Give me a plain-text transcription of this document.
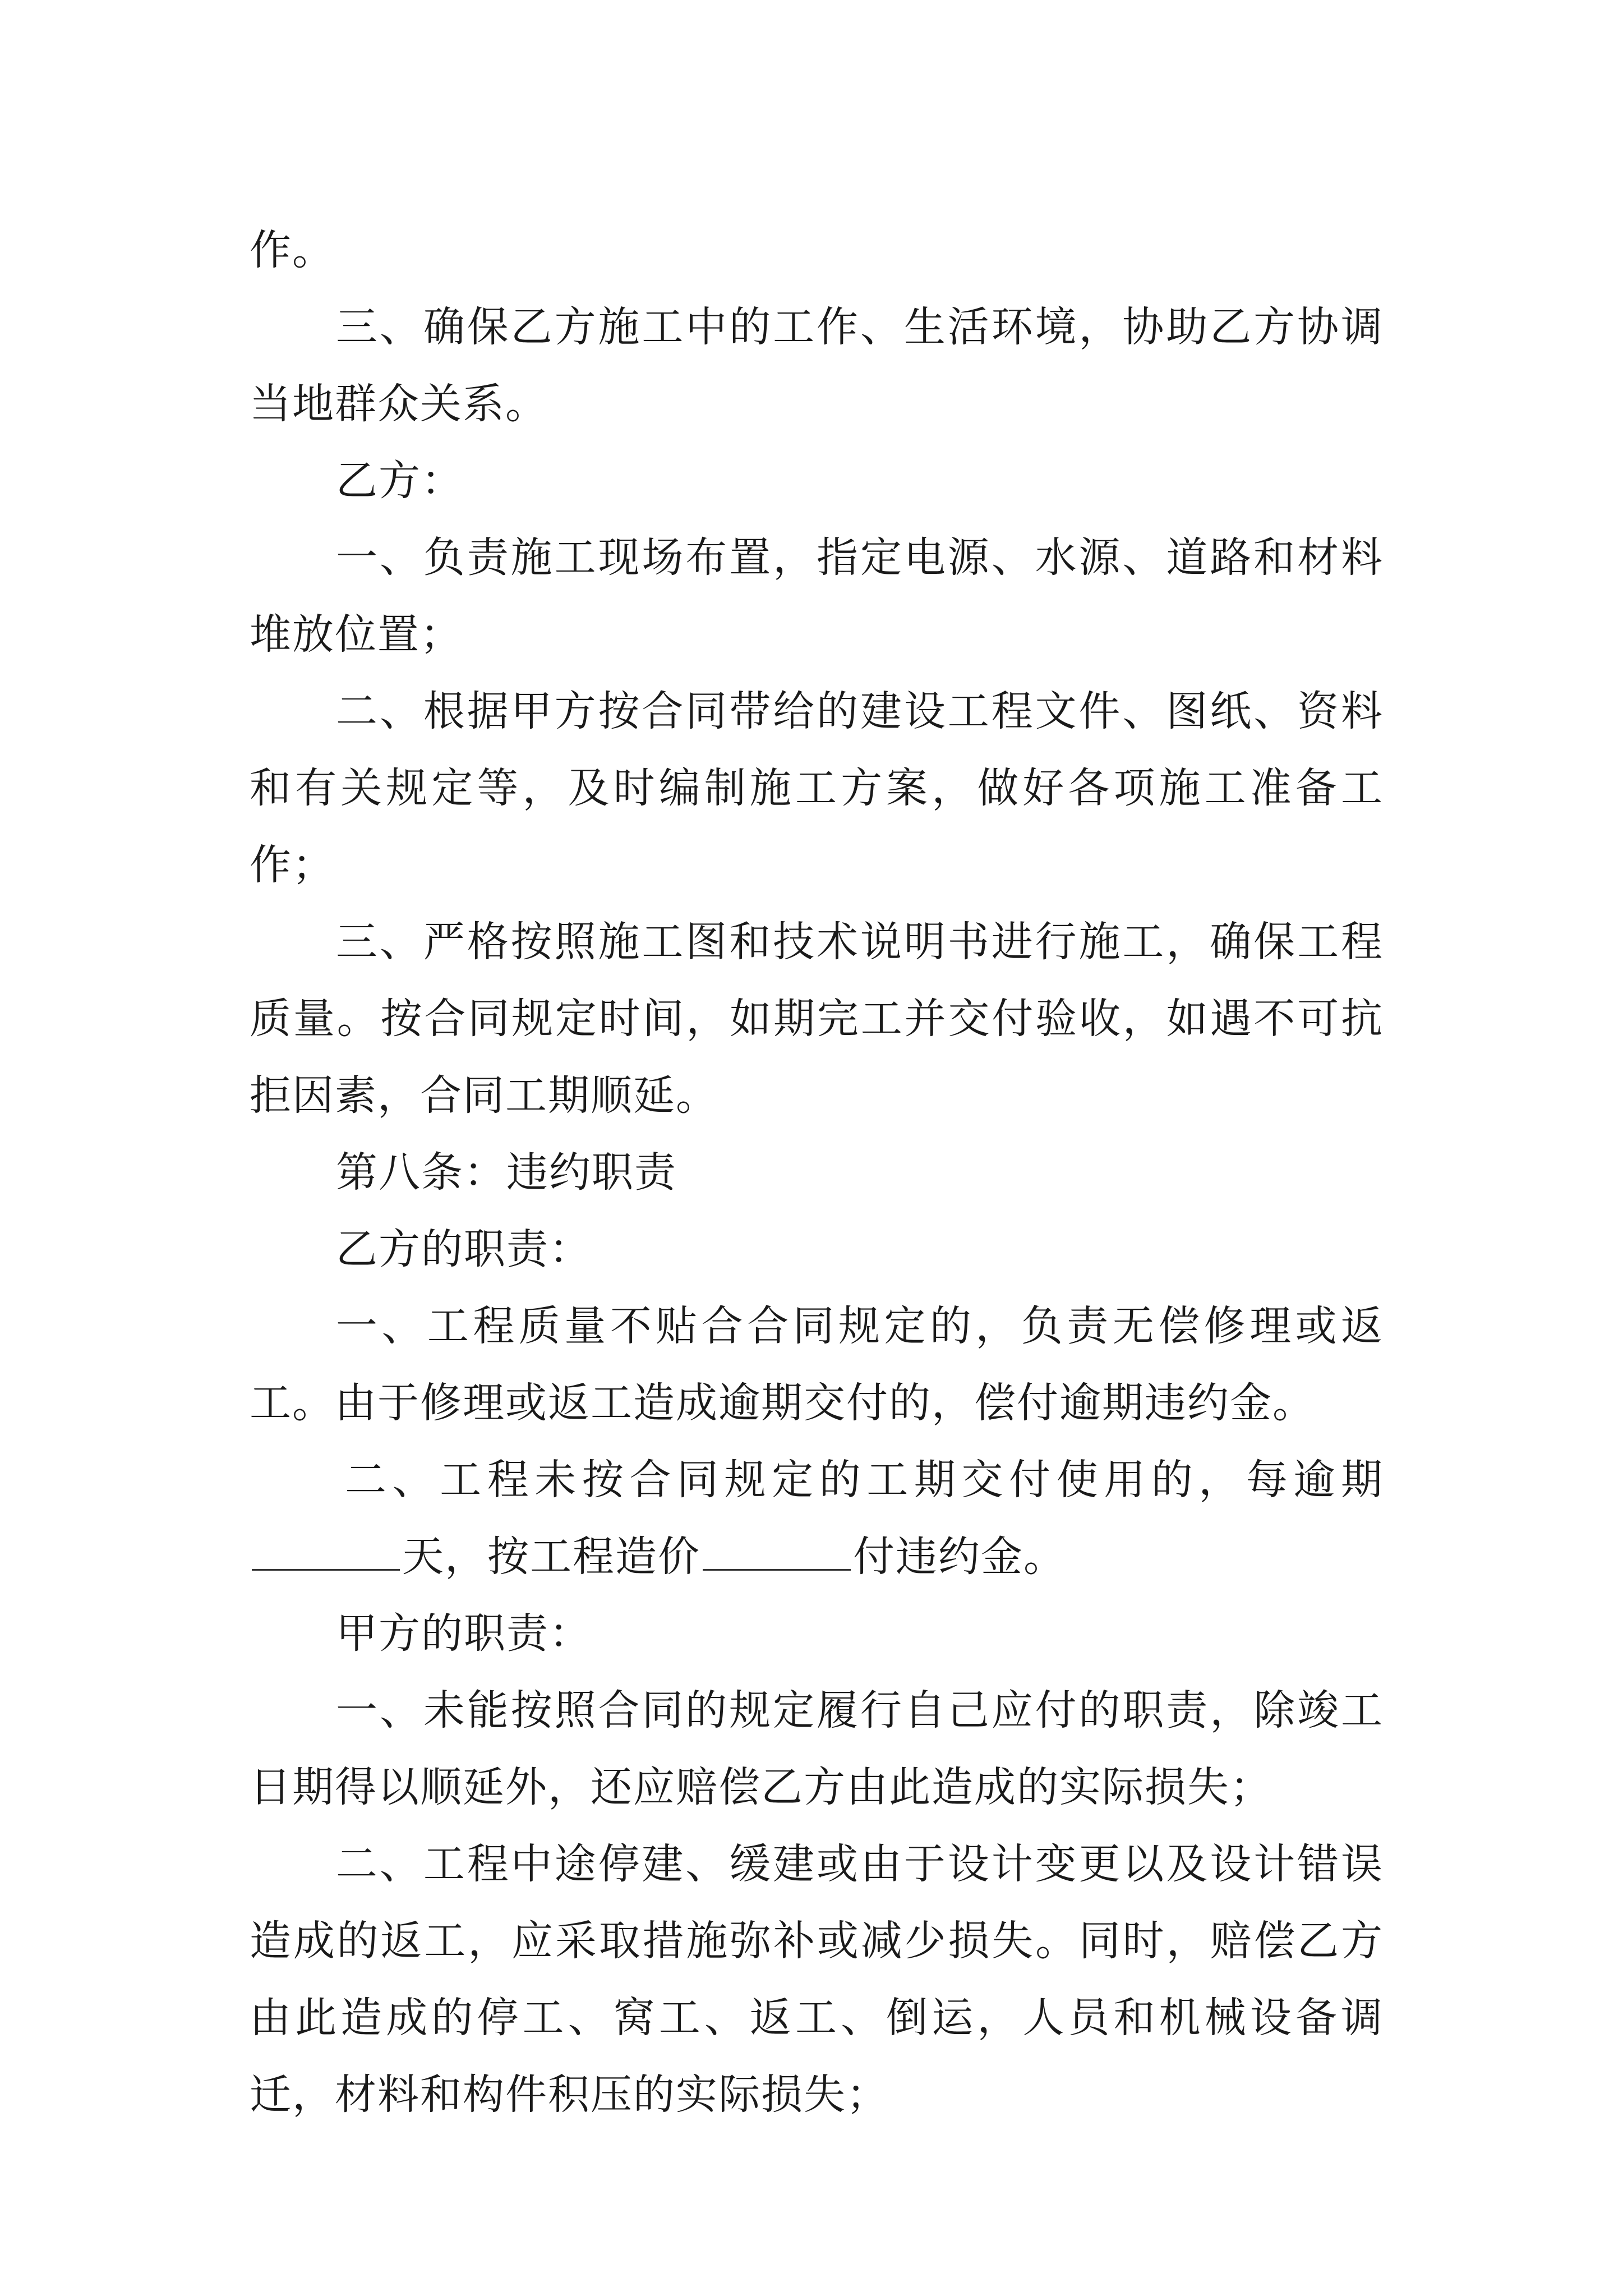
作。

三、确保乙方施工中的工作、生活环境，协助乙方协调当地群众关系。

乙方：

一、负责施工现场布置，指定电源、水源、道路和材料堆放位置；

二、根据甲方按合同带给的建设工程文件、图纸、资料和有关规定等，及时编制施工方案，做好各项施工准备工作；

三、严格按照施工图和技术说明书进行施工，确保工程质量。按合同规定时间，如期完工并交付验收，如遇不可抗拒因素，合同工期顺延。

第八条：违约职责

乙方的职责：

一、工程质量不贴合合同规定的，负责无偿修理或返工。由于修理或返工造成逾期交付的，偿付逾期违约金。

二、工程未按合同规定的工期交付使用的，每逾期天，按工程造价	付违约金。

甲方的职责：

一、未能按照合同的规定履行自己应付的职责，除竣工日期得以顺延外，还应赔偿乙方由此造成的实际损失；

二、工程中途停建、缓建或由于设计变更以及设计错误造成的返工，应采取措施弥补或减少损失。同时，赔偿乙方由此造成的停工、窝工、返工、倒运，人员和机械设备调迁，材料和构件积压的实际损失；
